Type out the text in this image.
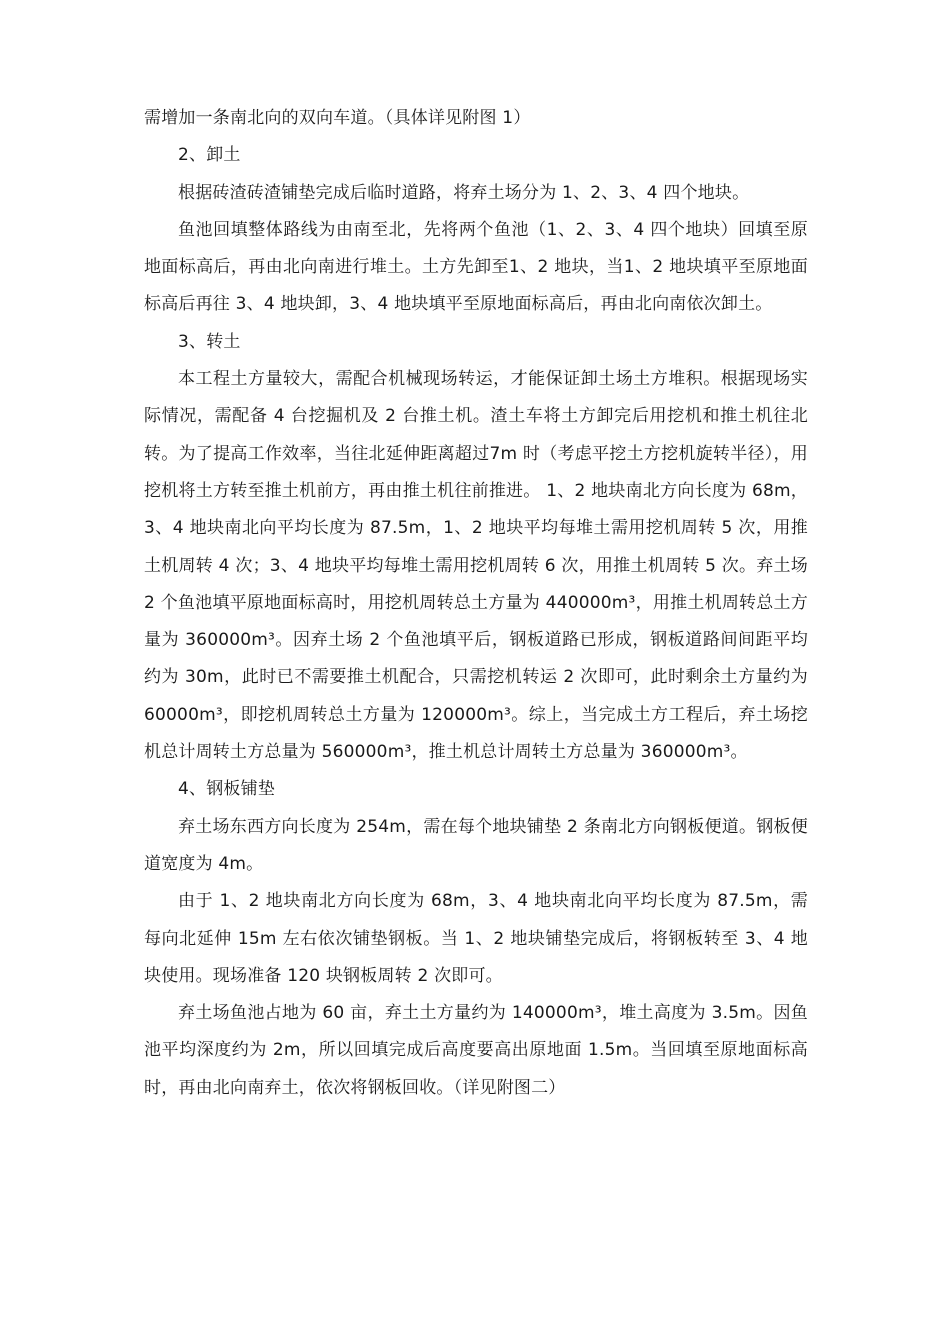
需增加一条南北向的双向车道。（具体详见附图 1）

2、卸土

根据砖渣砖渣铺垫完成后临时道路，将弃土场分为 1、2、3、4 四个地块。

鱼池回填整体路线为由南至北，先将两个鱼池（1、2、3、4 四个地块）回填至原地面标高后，再由北向南进行堆土。土方先卸至1、2 地块，当1、2 地块填平至原地面标高后再往 3、4 地块卸，3、4 地块填平至原地面标高后，再由北向南依次卸土。

3、转土

本工程土方量较大，需配合机械现场转运，才能保证卸土场土方堆积。根据现场实际情况，需配备 4 台挖掘机及 2 台推土机。渣土车将土方卸完后用挖机和推土机往北转。为了提高工作效率，当往北延伸距离超过7m 时（考虑平挖土方挖机旋转半径），用挖机将土方转至推土机前方，再由推土机往前推进。 1、2 地块南北方向长度为 68m，3、4 地块南北向平均长度为 87.5m，1、2 地块平均每堆土需用挖机周转 5 次，用推土机周转 4 次；3、4 地块平均每堆土需用挖机周转 6 次，用推土机周转 5 次。弃土场 2 个鱼池填平原地面标高时，用挖机周转总土方量为 440000m³，用推土机周转总土方量为 360000m³。因弃土场 2 个鱼池填平后，钢板道路已形成，钢板道路间间距平均约为 30m，此时已不需要推土机配合，只需挖机转运 2 次即可，此时剩余土方量约为 60000m³，即挖机周转总土方量为 120000m³。综上，当完成土方工程后，弃土场挖机总计周转土方总量为 560000m³，推土机总计周转土方总量为 360000m³。

4、钢板铺垫

弃土场东西方向长度为 254m，需在每个地块铺垫 2 条南北方向钢板便道。钢板便道宽度为 4m。

由于 1、2 地块南北方向长度为 68m，3、4 地块南北向平均长度为 87.5m，需每向北延伸 15m 左右依次铺垫钢板。当 1、2 地块铺垫完成后，将钢板转至 3、4 地块使用。现场准备 120 块钢板周转 2 次即可。

弃土场鱼池占地为 60 亩，弃土土方量约为 140000m³，堆土高度为 3.5m。因鱼池平均深度约为 2m，所以回填完成后高度要高出原地面 1.5m。当回填至原地面标高时，再由北向南弃土，依次将钢板回收。（详见附图二）
